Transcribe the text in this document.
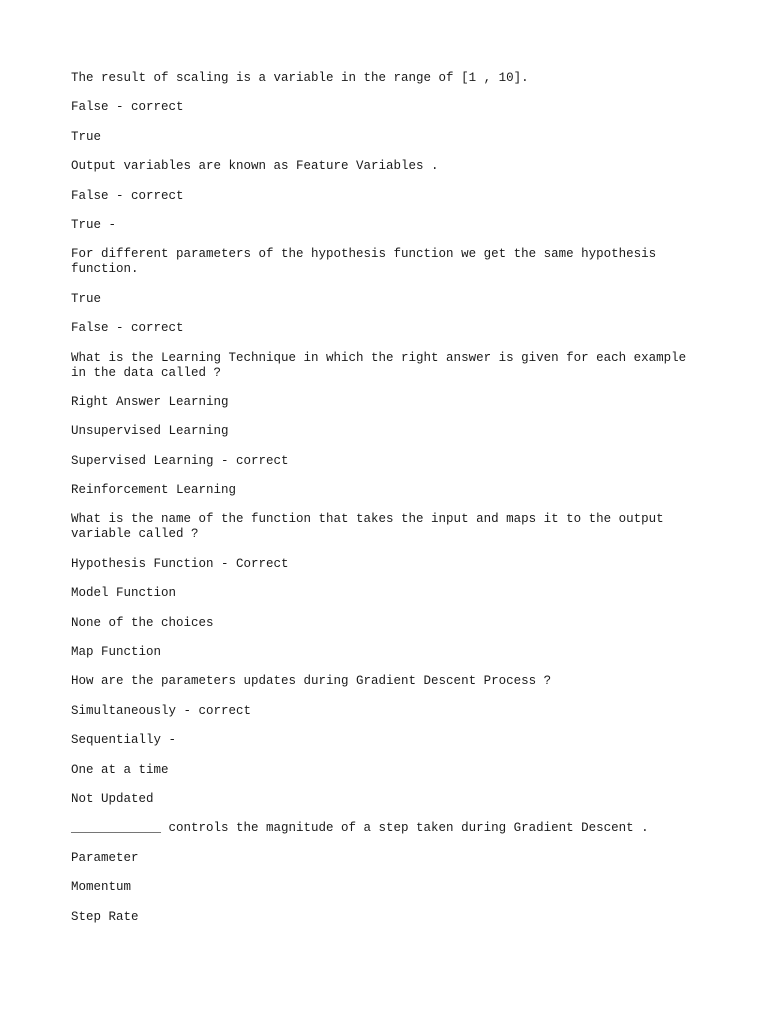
The result of scaling is a variable in the range of [1 , 10].

False - correct

True

Output variables are known as Feature Variables .

False - correct

True -

For different parameters of the hypothesis function we get the same hypothesis
function.

True

False - correct

What is the Learning Technique in which the right answer is given for each example
in the data called ?

Right Answer Learning

Unsupervised Learning

Supervised Learning - correct

Reinforcement Learning

What is the name of the function that takes the input and maps it to the output
variable called ?

Hypothesis Function - Correct

Model Function

None of the choices

Map Function

How are the parameters updates during Gradient Descent Process ?

Simultaneously - correct

Sequentially -

One at a time

Not Updated

____________ controls the magnitude of a step taken during Gradient Descent .

Parameter

Momentum

Step Rate
